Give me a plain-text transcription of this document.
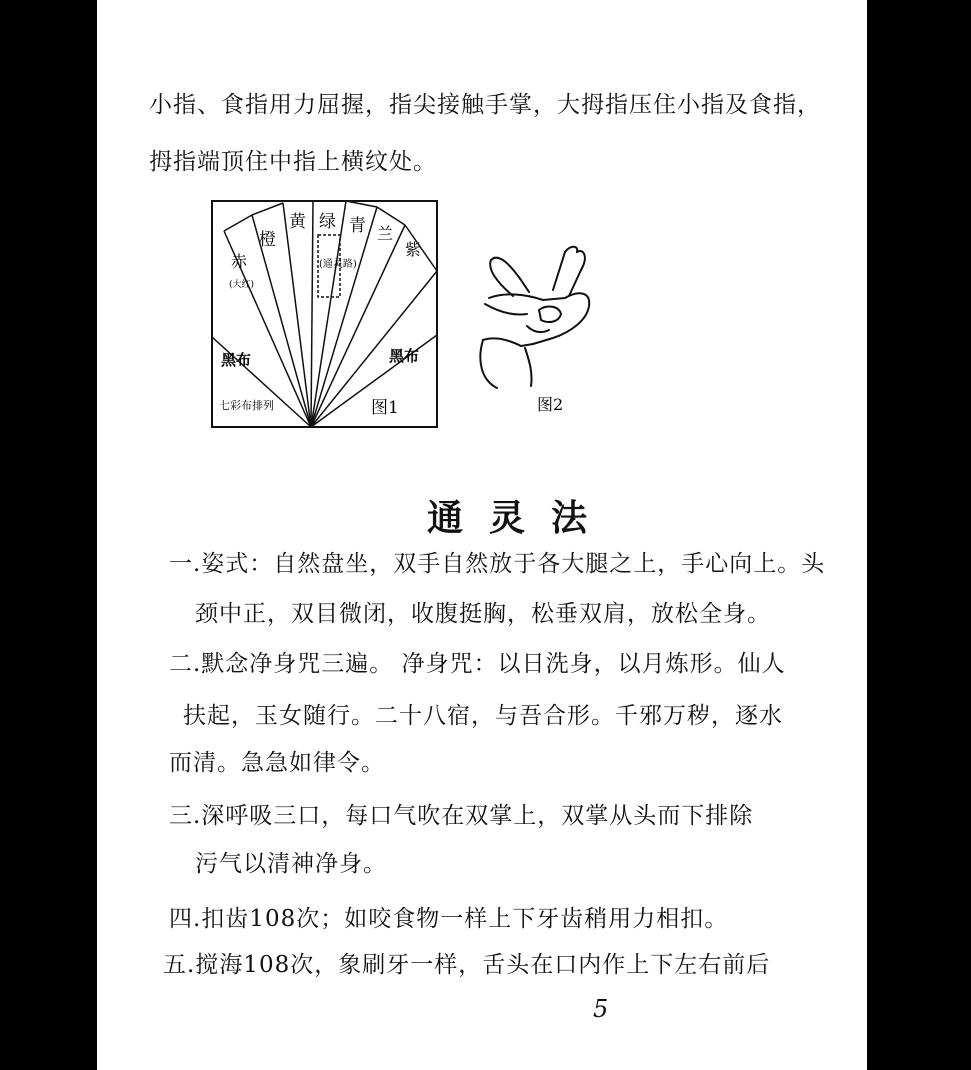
小指、食指用力屈握，指尖接触手掌，大拇指压住小指及食指，
拇指端顶住中指上横纹处。
赤
(大红)
橙
黄 绿
(通灵路)
青 兰
紫
黑布	黑布
七彩布排列	图1	图2
通灵法
一.姿式：自然盘坐，双手自然放于各大腿之上，手心向上。头
颈中正，双目微闭，收腹挺胸，松垂双肩，放松全身。
二.默念净身咒三遍。 净身咒：以日洗身，以月炼形。仙人
扶起，玉女随行。二十八宿，与吾合形。千邪万秽，逐水
而清。急急如律令。
三.深呼吸三口，每口气吹在双掌上，双掌从头而下排除
污气以清神净身。
四.扣齿108次；如咬食物一样上下牙齿稍用力相扣。
五.搅海108次，象刷牙一样，舌头在口内作上下左右前后
5
